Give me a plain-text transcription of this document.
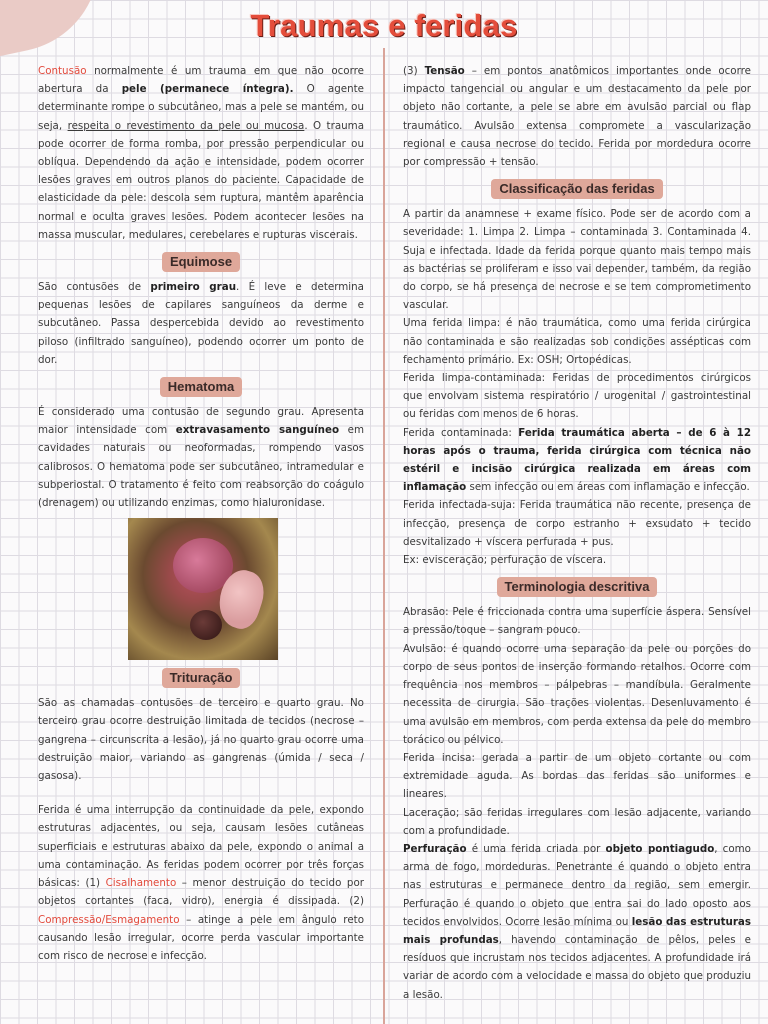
Traumas e feridas

Contusão normalmente é um trauma em que não ocorre abertura da pele (permanece íntegra). O agente determinante rompe o subcutâneo, mas a pele se mantém, ou seja, respeita o revestimento da pele ou mucosa. O trauma pode ocorrer de forma romba, por pressão perpendicular ou oblíqua. Dependendo da ação e intensidade, podem ocorrer lesões graves em outros planos do paciente. Capacidade de elasticidade da pele: descola sem ruptura, mantêm aparência normal e oculta graves lesões. Podem acontecer lesões na massa muscular, medulares, cerebelares e rupturas viscerais.

Equimose

São contusões de primeiro grau. É leve e determina pequenas lesões de capilares sanguíneos da derme e subcutâneo. Passa despercebida devido ao revestimento piloso (infiltrado sanguíneo), podendo ocorrer um ponto de dor.

Hematoma

É considerado uma contusão de segundo grau. Apresenta maior intensidade com extravasamento sanguíneo em cavidades naturais ou neoformadas, rompendo vasos calibrosos. O hematoma pode ser subcutâneo, intramedular e subperiostal. O tratamento é feito com reabsorção do coágulo (drenagem) ou utilizando enzimas, como hialuronidase.

Trituração

São as chamadas contusões de terceiro e quarto grau. No terceiro grau ocorre destruição limitada de tecidos (necrose – gangrena – circunscrita a lesão), já no quarto grau ocorre uma destruição maior, variando as gangrenas (úmida / seca / gasosa).

Ferida é uma interrupção da continuidade da pele, expondo estruturas adjacentes, ou seja, causam lesões cutâneas superficiais e estruturas abaixo da pele, expondo o animal a uma contaminação. As feridas podem ocorrer por três forças básicas: (1) Cisalhamento – menor destruição do tecido por objetos cortantes (faca, vidro), energia é dissipada. (2) Compressão/Esmagamento – atinge a pele em ângulo reto causando lesão irregular, ocorre perda vascular importante com risco de necrose e infecção.

(3) Tensão – em pontos anatômicos importantes onde ocorre impacto tangencial ou angular e um destacamento da pele por objeto não cortante, a pele se abre em avulsão parcial ou flap traumático. Avulsão extensa compromete a vascularização regional e causa necrose do tecido. Ferida por mordedura ocorre por compressão + tensão.

Classificação das feridas

A partir da anamnese + exame físico. Pode ser de acordo com a severidade: 1. Limpa 2. Limpa – contaminada 3. Contaminada 4. Suja e infectada. Idade da ferida porque quanto mais tempo mais as bactérias se proliferam e isso vai depender, também, da região do corpo, se há presença de necrose e se tem comprometimento vascular.

Uma ferida limpa: é não traumática, como uma ferida cirúrgica não contaminada e são realizadas sob condições assépticas com fechamento primário. Ex: OSH; Ortopédicas.

Ferida limpa-contaminada: Feridas de procedimentos cirúrgicos que envolvam sistema respiratório / urogenital / gastrointestinal ou feridas com menos de 6 horas.

Ferida contaminada: Ferida traumática aberta – de 6 à 12 horas após o trauma, ferida cirúrgica com técnica não estéril e incisão cirúrgica realizada em áreas com inflamação sem infecção ou em áreas com inflamação e infecção.

Ferida infectada-suja: Ferida traumática não recente, presença de infecção, presença de corpo estranho + exsudato + tecido desvitalizado + víscera perfurada + pus.

Ex: evisceração; perfuração de víscera.

Terminologia descritiva

Abrasão: Pele é friccionada contra uma superfície áspera. Sensível a pressão/toque – sangram pouco.

Avulsão: é quando ocorre uma separação da pele ou porções do corpo de seus pontos de inserção formando retalhos. Ocorre com frequência nos membros – pálpebras – mandíbula. Geralmente necessita de cirurgia. São trações violentas. Desenluvamento é uma avulsão em membros, com perda extensa da pele do membro torácico ou pélvico.

Ferida incisa: gerada a partir de um objeto cortante ou com extremidade aguda. As bordas das feridas são uniformes e lineares.

Laceração; são feridas irregulares com lesão adjacente, variando com a profundidade.

Perfuração é uma ferida criada por objeto pontiagudo, como arma de fogo, mordeduras. Penetrante é quando o objeto entra nas estruturas e permanece dentro da região, sem emergir. Perfuração é quando o objeto que entra sai do lado oposto aos tecidos envolvidos. Ocorre lesão mínima ou lesão das estruturas mais profundas, havendo contaminação de pêlos, peles e resíduos que incrustam nos tecidos adjacentes. A profundidade irá variar de acordo com a velocidade e massa do objeto que produziu a lesão.
